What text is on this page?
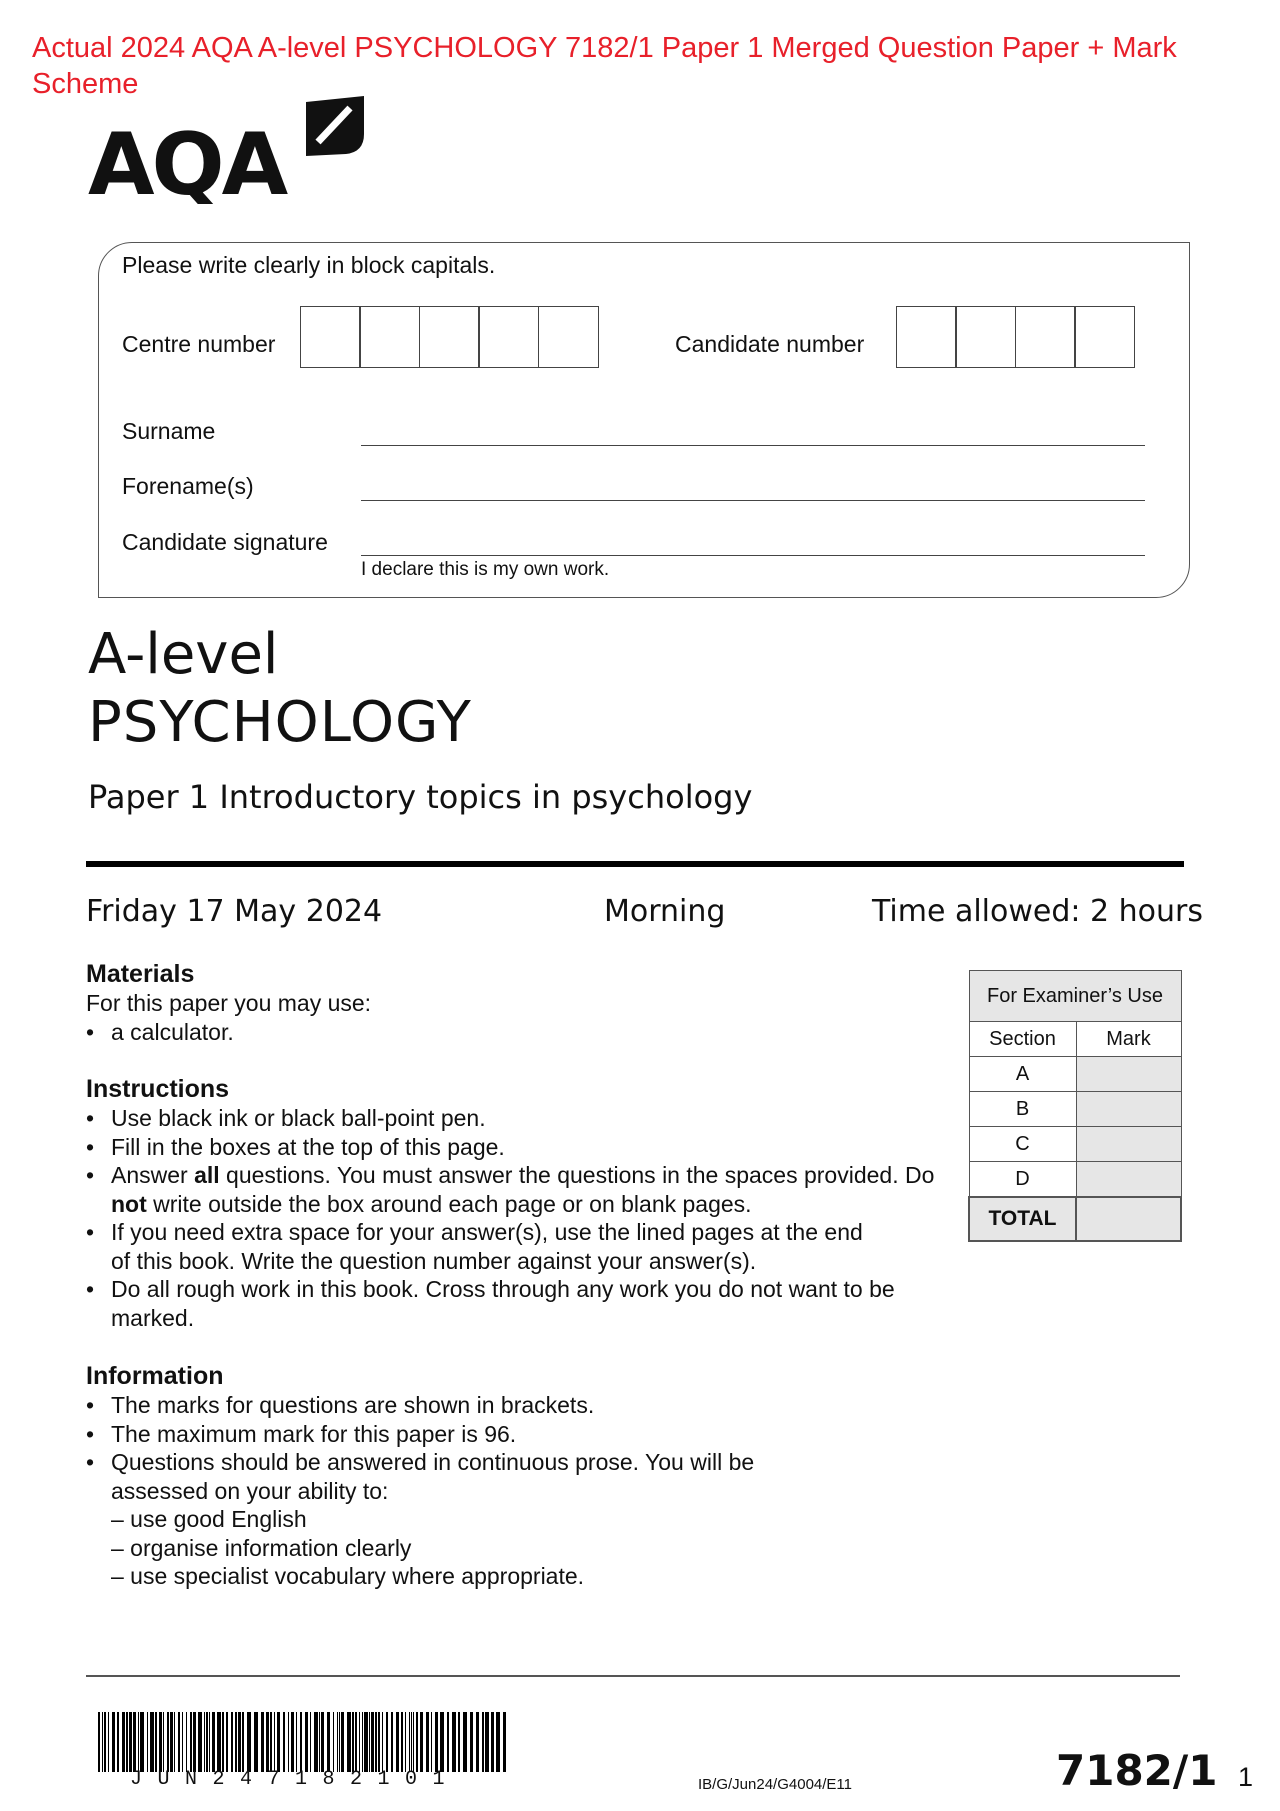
Actual 2024 AQA A-level PSYCHOLOGY 7182/1 Paper 1 Merged Question Paper + Mark Scheme
AQA
Please write clearly in block capitals.
Centre number	Candidate number
Surname
Forename(s)
Candidate signature
I declare this is my own work.
A-level
PSYCHOLOGY
Paper 1 Introductory topics in psychology
Friday 17 May 2024	Morning	Time allowed: 2 hours
Materials
For this paper you may use:
• a calculator.
Instructions
• Use black ink or black ball-point pen.
• Fill in the boxes at the top of this page.
• Answer all questions. You must answer the questions in the spaces provided. Do not write outside the box around each page or on blank pages.
• If you need extra space for your answer(s), use the lined pages at the end of this book. Write the question number against your answer(s).
• Do all rough work in this book. Cross through any work you do not want to be marked.
Information
• The marks for questions are shown in brackets.
• The maximum mark for this paper is 96.
• Questions should be answered in continuous prose. You will be assessed on your ability to:
– use good English
– organise information clearly
– use specialist vocabulary where appropriate.
For Examiner’s Use	
Section	Mark
A	
B	
C	
D	
TOTAL	
JUN247182101	IB/G/Jun24/G4004/E11	7182/1 1
